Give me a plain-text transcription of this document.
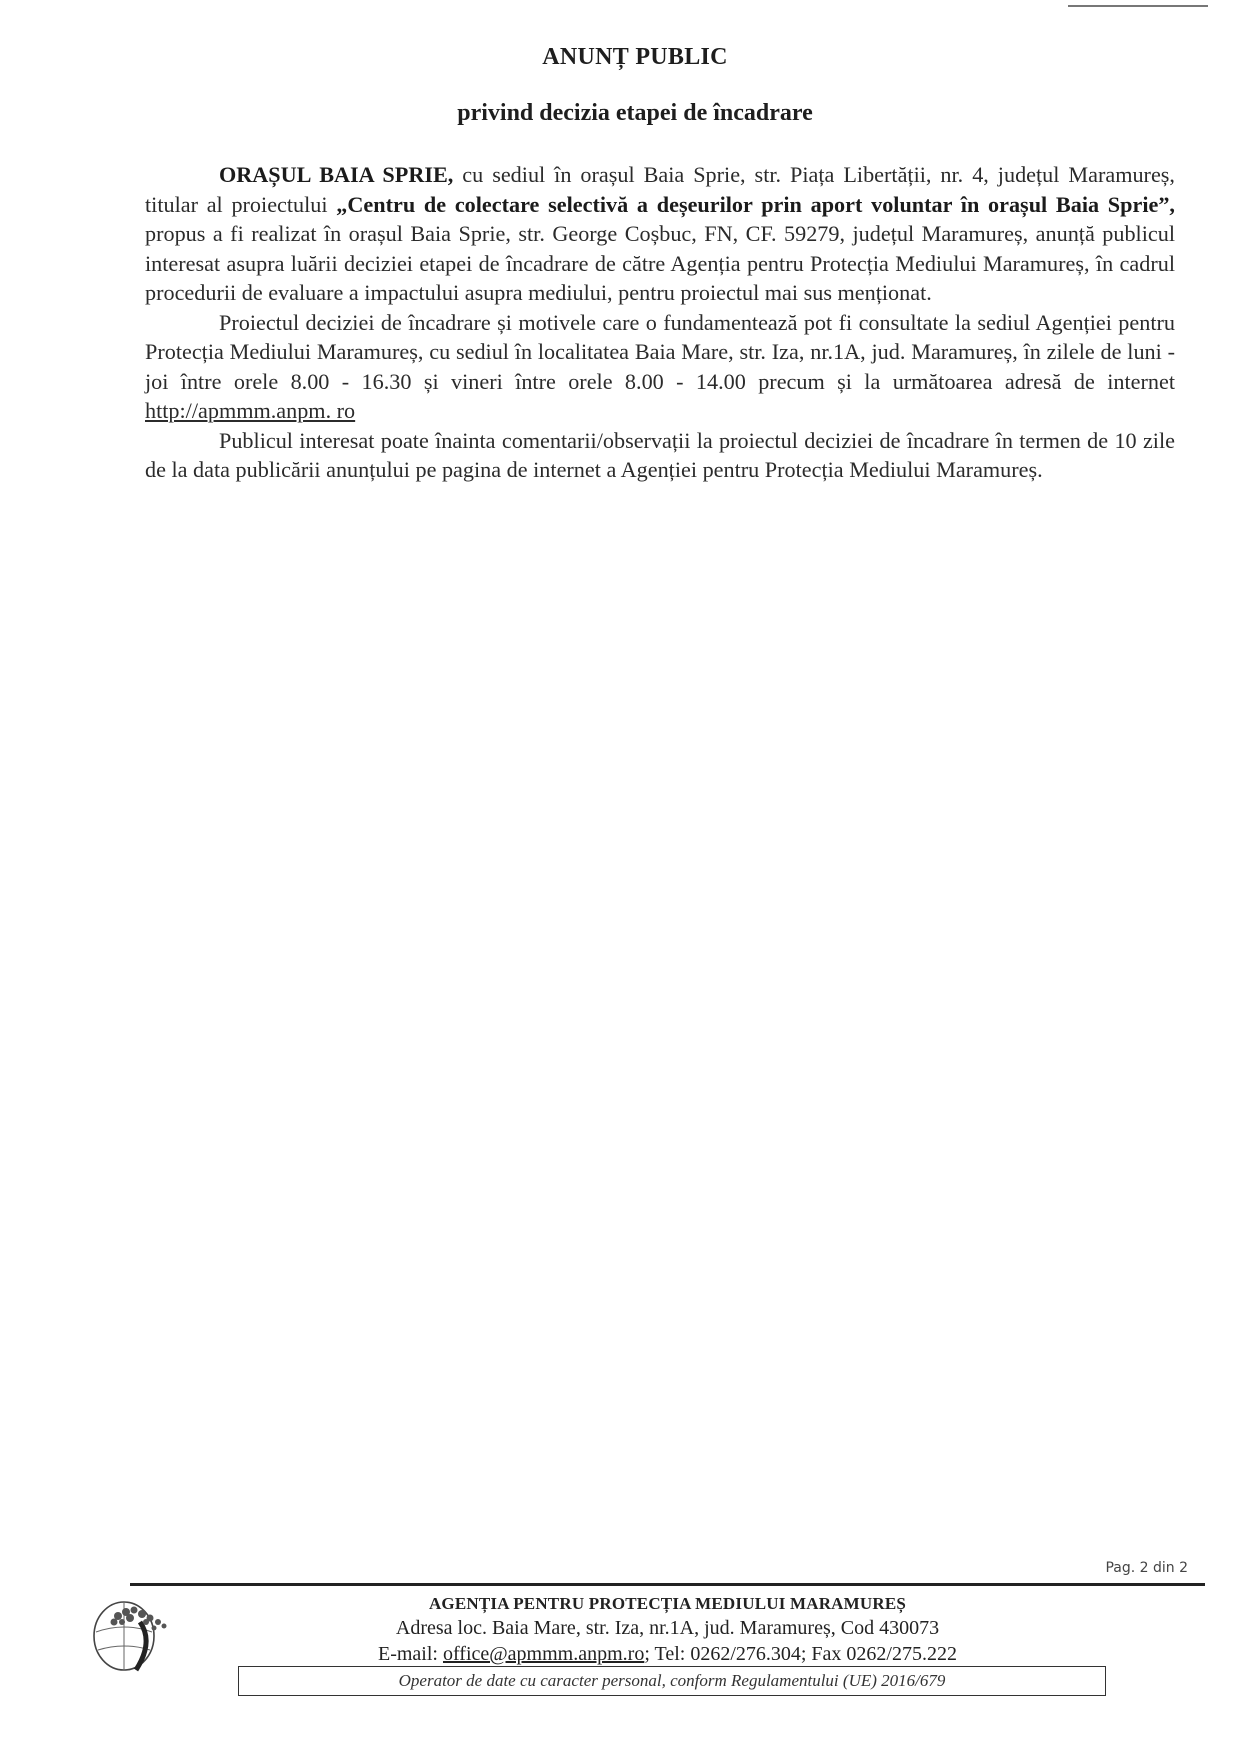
ANUNȚ PUBLIC
privind decizia etapei de încadrare

ORAȘUL BAIA SPRIE, cu sediul în orașul Baia Sprie, str. Piața Libertății, nr. 4, județul Maramureș, titular al proiectului „Centru de colectare selectivă a deșeurilor prin aport voluntar în orașul Baia Sprie”, propus a fi realizat în orașul Baia Sprie, str. George Coșbuc, FN, CF. 59279, județul Maramureș, anunță publicul interesat asupra luării deciziei etapei de încadrare de către Agenția pentru Protecția Mediului Maramureș, în cadrul procedurii de evaluare a impactului asupra mediului, pentru proiectul mai sus menționat.

Proiectul deciziei de încadrare și motivele care o fundamentează pot fi consultate la sediul Agenției pentru Protecția Mediului Maramureș, cu sediul în localitatea Baia Mare, str. Iza, nr.1A, jud. Maramureș, în zilele de luni - joi între orele 8.00 - 16.30 și vineri între orele 8.00 - 14.00 precum și la următoarea adresă de internet http://apmmm.anpm. ro

Publicul interesat poate înainta comentarii/observații la proiectul deciziei de încadrare în termen de 10 zile de la data publicării anunțului pe pagina de internet a Agenției pentru Protecția Mediului Maramureș.

Pag. 2 din 2
AGENȚIA PENTRU PROTECȚIA MEDIULUI MARAMUREȘ
Adresa loc. Baia Mare, str. Iza, nr.1A, jud. Maramureș, Cod 430073
E-mail: office@apmmm.anpm.ro; Tel: 0262/276.304; Fax 0262/275.222
Operator de date cu caracter personal, conform Regulamentului (UE) 2016/679
